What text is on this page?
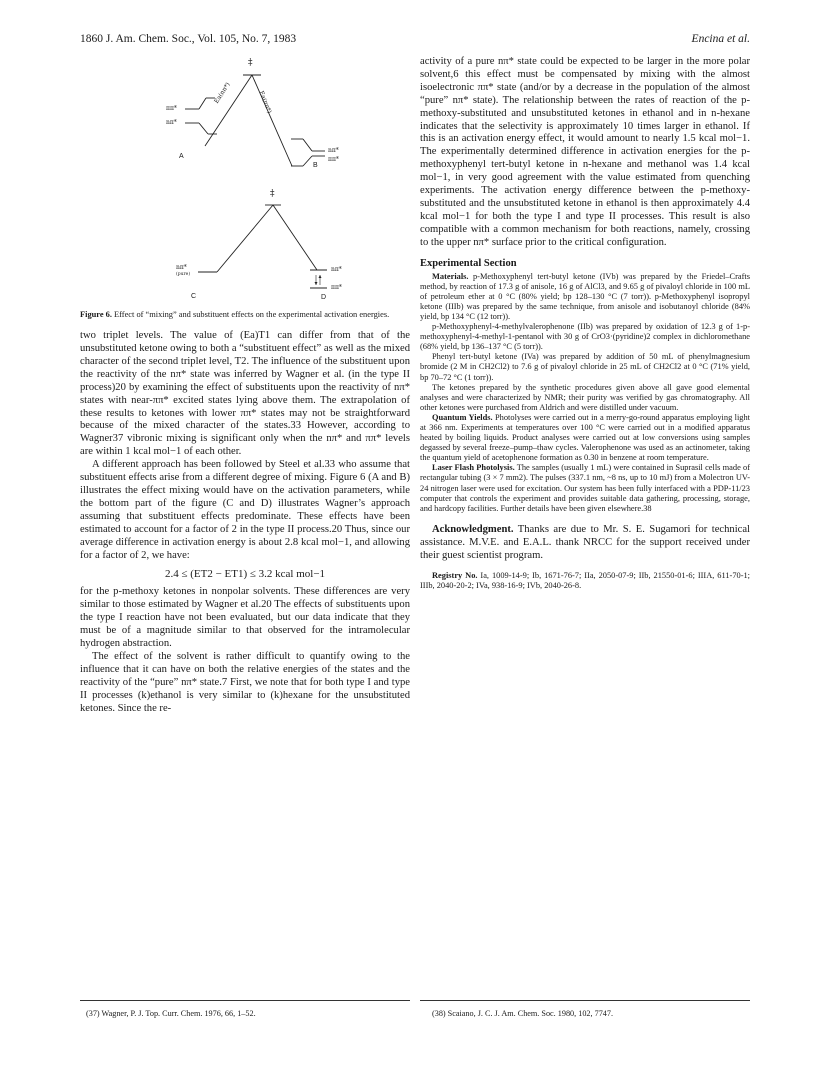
1860 J. Am. Chem. Soc., Vol. 105, No. 7, 1983	Encina et al.
‡
‡
ππ*
nπ*
nπ*
ππ*
nπ*
(pure)
nπ*
ππ*
Ea(nπ*)	Ea(ππ*)
A
B
C	D
Figure 6. Effect of “mixing” and substituent effects on the experimental activation energies.

two triplet levels. The value of (Ea)T1 can differ from that of the unsubstituted ketone owing to both a “substituent effect” as well as the mixed character of the second triplet level, T2. The influence of the substituent upon the reactivity of the nπ* state was inferred by Wagner et al. (in the type II process)20 by examining the effect of substituents upon the reactivity of nπ* states with near-ππ* excited states lying above them. The extrapolation of these results to ketones with lower ππ* states may not be straightforward because of the mixed character of the states.33 However, according to Wagner37 vibronic mixing is significant only when the nπ* and ππ* levels are within 1 kcal mol−1 of each other.

A different approach has been followed by Steel et al.33 who assume that substituent effects arise from a different degree of mixing. Figure 6 (A and B) illustrates the effect mixing would have on the activation parameters, while the bottom part of the figure (C and D) illustrates Wagner’s approach assuming that substituent effects predominate. These effects have been estimated to account for a factor of 2 in the type II process.20 Thus, since our average difference in activation energy is about 2.8 kcal mol−1, and allowing for a factor of 2, we have:

2.4 ≤ (ET2 − ET1) ≤ 3.2 kcal mol−1

for the p-methoxy ketones in nonpolar solvents. These differences are very similar to those estimated by Wagner et al.20 The effects of substituents upon the type I reaction have not been evaluated, but our data indicate that they must be of a magnitude similar to that observed for the intramolecular hydrogen abstraction.

The effect of the solvent is rather difficult to quantify owing to the influence that it can have on both the relative energies of the states and the reactivity of the “pure” nπ* state.7 First, we note that for both type I and type II processes (k)ethanol is very similar to (k)hexane for the unsubstituted ketones. Since the re-

activity of a pure nπ* state could be expected to be larger in the more polar solvent,6 this effect must be compensated by mixing with the almost isoelectronic ππ* state (and/or by a decrease in the population of the almost “pure” nπ* state). The relationship between the rates of reaction of the p-methoxy-substituted and unsubstituted ketones in ethanol and in n-hexane indicates that the selectivity is approximately 10 times larger in ethanol. If this is an activation energy effect, it would amount to nearly 1.5 kcal mol−1. The experimentally determined difference in activation energies for the p-methoxyphenyl tert-butyl ketone in n-hexane and methanol was 1.4 kcal mol−1, in very good agreement with the value estimated from quenching experiments. The activation energy difference between the p-methoxy-substituted and the unsubstituted ketone in ethanol is then approximately 4.4 kcal mol−1 for both the type I and type II processes. This result is also compatible with a common mechanism for both reactions, namely, crossing to the upper nπ* surface prior to the critical configuration.

Experimental Section

Materials. p-Methoxyphenyl tert-butyl ketone (IVb) was prepared by the Friedel–Crafts method, by reaction of 17.3 g of anisole, 16 g of AlCl3, and 9.65 g of pivaloyl chloride in 100 mL of petroleum ether at 0 °C (80% yield; bp 128–130 °C (7 torr)). p-Methoxyphenyl isopropyl ketone (IIIb) was prepared by the same technique, from anisole and isobutanoyl chloride (84% yield, bp 134 °C (12 torr)).

p-Methoxyphenyl-4-methylvalerophenone (IIb) was prepared by oxidation of 12.3 g of 1-p-methoxyphenyl-4-methyl-1-pentanol with 30 g of CrO3·(pyridine)2 complex in dichloromethane (68% yield, bp 136–137 °C (5 torr)).

Phenyl tert-butyl ketone (IVa) was prepared by addition of 50 mL of phenylmagnesium bromide (2 M in CH2Cl2) to 7.6 g of pivaloyl chloride in 25 mL of CH2Cl2 at 0 °C (71% yield, bp 70–72 °C (1 torr)).

The ketones prepared by the synthetic procedures given above all gave good elemental analyses and were characterized by NMR; their purity was verified by gas chromatography. All other ketones were purchased from Aldrich and were distilled under vacuum.

Quantum Yields. Photolyses were carried out in a merry-go-round apparatus employing light at 366 nm. Experiments at temperatures over 100 °C were carried out in a modified apparatus heated by boiling liquids. Product analyses were carried out at low conversions using samples degassed by several freeze–pump–thaw cycles. Valerophenone was used as an actinometer, taking the quantum yield of acetophenone formation as 0.30 in benzene at room temperature.

Laser Flash Photolysis. The samples (usually 1 mL) were contained in Suprasil cells made of rectangular tubing (3 × 7 mm2). The pulses (337.1 nm, ~8 ns, up to 10 mJ) from a Molectron UV-24 nitrogen laser were used for excitation. Our system has been fully interfaced with a PDP-11/23 computer that controls the experiment and provides suitable data gathering, processing, storage, and hardcopy facilities. Further details have been given elsewhere.38

Acknowledgment. Thanks are due to Mr. S. E. Sugamori for technical assistance. M.V.E. and E.A.L. thank NRCC for the support received under their guest scientist program.

Registry No. Ia, 1009-14-9; Ib, 1671-76-7; IIa, 2050-07-9; IIb, 21550-01-6; IIIA, 611-70-1; IIIb, 2040-20-2; IVa, 938-16-9; IVb, 2040-26-8.

(37) Wagner, P. J. Top. Curr. Chem. 1976, 66, 1–52.	(38) Scaiano, J. C. J. Am. Chem. Soc. 1980, 102, 7747.
